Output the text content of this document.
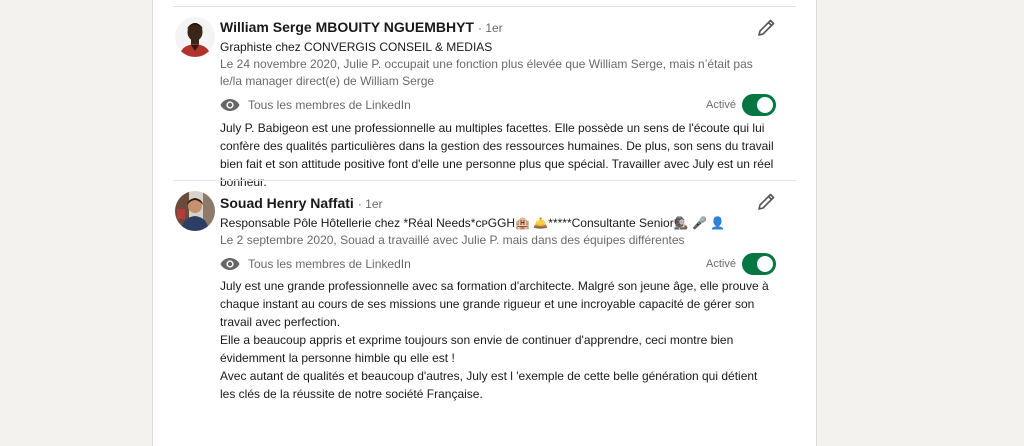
William Serge MBOUITY NGUEMBHYT · 1er
Graphiste chez CONVERGIS CONSEIL & MEDIAS
Le 24 novembre 2020, Julie P. occupait une fonction plus élevée que William Serge, mais n’était pas le/la manager direct(e) de William Serge
Tous les membres de LinkedIn	Activé

July P. Babigeon est une professionnelle au multiples facettes. Elle possède un sens de l'écoute qui lui confère des qualités particulières dans la gestion des ressources humaines. De plus, son sens du travail bien fait et son attitude positive font d'elle une personne plus que spécial. Travailler avec July est un réel bonheur.

Souad Henry Naffati · 1er
Responsable Pôle Hôtellerie chez *Réal Needs*ᴄᴘGGH🏨 🛎️*****Consultante Senior🕵🏿 🎤 👤
Le 2 septembre 2020, Souad a travaillé avec Julie P. mais dans des équipes différentes
Tous les membres de LinkedIn	Activé

July est une grande professionnelle avec sa formation d'architecte. Malgré son jeune âge, elle prouve à chaque instant au cours de ses missions une grande rigueur et une incroyable capacité de gérer son travail avec perfection.

Elle a beaucoup appris et exprime toujours son envie de continuer d'apprendre, ceci montre bien évidemment la personne himble qu elle est !

Avec autant de qualités et beaucoup d'autres, July est l 'exemple de cette belle génération qui détient les clés de la réussite de notre société Française.
